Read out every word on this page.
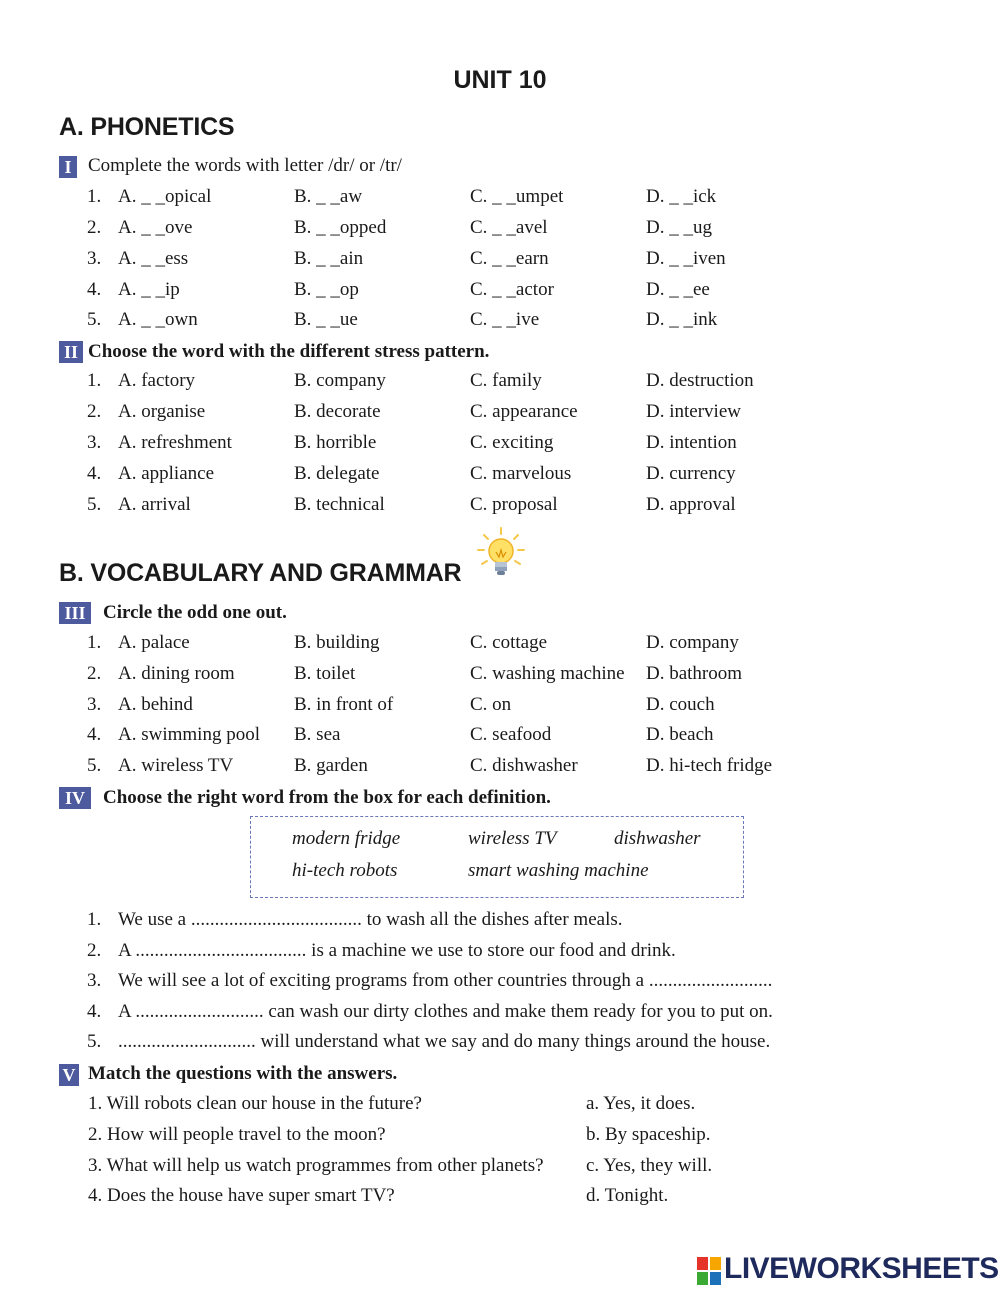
UNIT 10
A. PHONETICS
I Complete the words with letter /dr/ or /tr/
1. A. _ _opical	B. _ _aw	C. _ _umpet	D. _ _ick
2. A. _ _ove	B. _ _opped	C. _ _avel	D. _ _ug
3. A. _ _ess	B. _ _ain	C. _ _earn	D. _ _iven
4. A. _ _ip	B. _ _op	C. _ _actor	D. _ _ee
5. A. _ _own	B. _ _ue	C. _ _ive	D. _ _ink
II Choose the word with the different stress pattern.
1. A. factory	B. company	C. family	D. destruction
2. A. organise	B. decorate	C. appearance	D. interview
3. A. refreshment	B. horrible	C. exciting	D. intention
4. A. appliance	B. delegate	C. marvelous	D. currency
5. A. arrival	B. technical	C. proposal	D. approval
B. VOCABULARY AND GRAMMAR
III Circle the odd one out.
1. A. palace	B. building	C. cottage	D. company
2. A. dining room	B. toilet	C. washing machine D. bathroom
3. A. behind	B. in front of	C. on	D. couch
4. A. swimming pool B. sea	C. seafood	D. beach
5. A. wireless TV	B. garden	C. dishwasher	D. hi-tech fridge
IV Choose the right word from the box for each definition.
modern fridge	wireless TV	dishwasher
hi-tech robots	smart washing machine
1. We use a .................................... to wash all the dishes after meals.
2. A .................................... is a machine we use to store our food and drink.
3. We will see a lot of exciting programs from other countries through a ..........................
4. A ........................... can wash our dirty clothes and make them ready for you to put on.
5. ............................. will understand what we say and do many things around the house.
V Match the questions with the answers.
1. Will robots clean our house in the future?	a. Yes, it does.
2. How will people travel to the moon?	b. By spaceship.
3. What will help us watch programmes from other planets? c. Yes, they will.
4. Does the house have super smart TV?	d. Tonight.
LIVEWORKSHEETS
